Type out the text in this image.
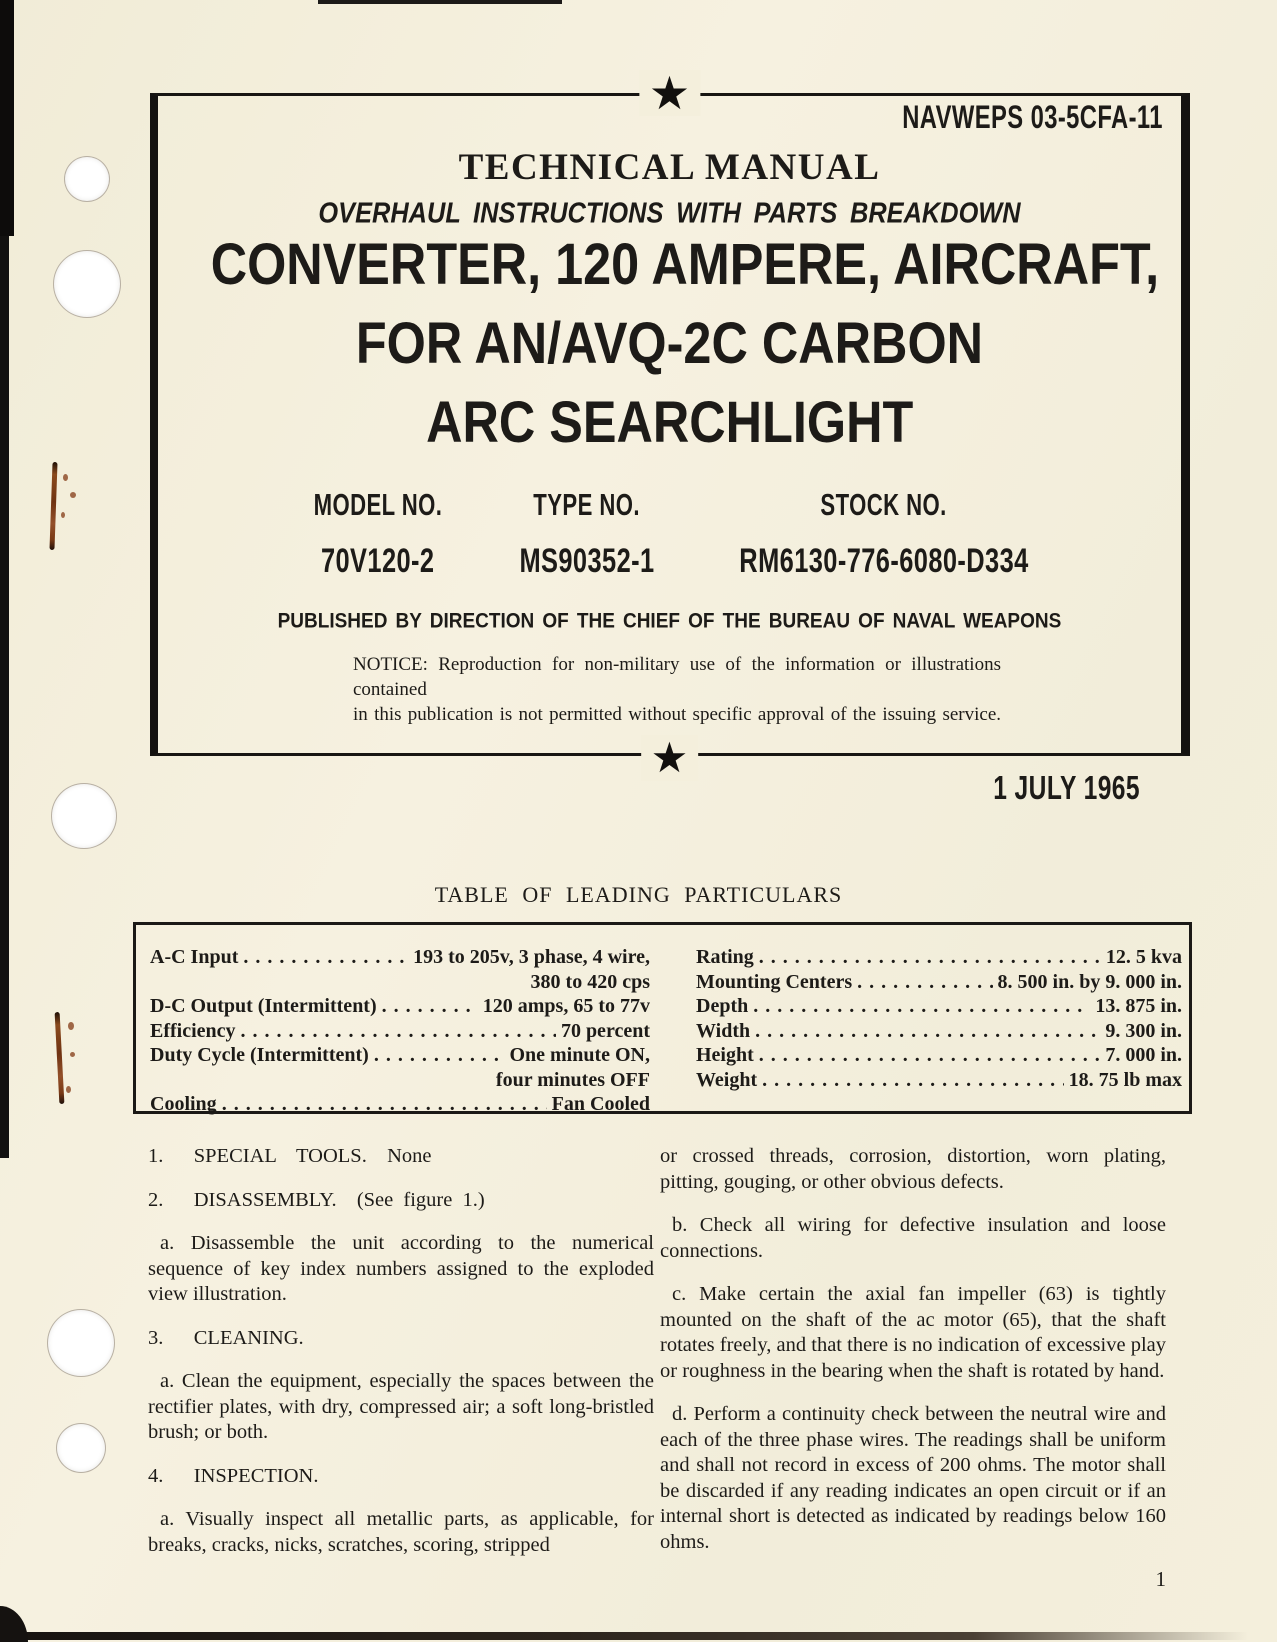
★
★
NAVWEPS 03-5CFA-11
TECHNICAL MANUAL
OVERHAUL INSTRUCTIONS WITH PARTS BREAKDOWN
CONVERTER, 120 AMPERE, AIRCRAFT,
FOR AN/AVQ-2C CARBON
ARC SEARCHLIGHT
MODEL NO.
70V120-2
TYPE NO.
MS90352-1
STOCK NO.
RM6130-776-6080-D334
PUBLISHED BY DIRECTION OF THE CHIEF OF THE BUREAU OF NAVAL WEAPONS
NOTICE: Reproduction for non-military use of the information or illustrations contained
in this publication is not permitted without specific approval of the issuing service.
1 JULY 1965
TABLE OF LEADING PARTICULARS
A-C Input . . .	193 to 205v, 3 phase, 4 wire,
380 to 420 cps
D-C Output (Intermittent) . . .	120 amps, 65 to 77v
Efficiency . . .	70 percent
Duty Cycle (Intermittent) . . .	One minute ON,
four minutes OFF
Cooling . . .	Fan Cooled
Rating . . .	12. 5 kva
Mounting Centers . . .	8. 500 in. by 9. 000 in.
Depth . . .	13. 875 in.
Width . . .	9. 300 in.
Height . . .	7. 000 in.
Weight . . .	18. 75 lb max
1.   SPECIAL  TOOLS.  None
2.   DISASSEMBLY.  (See figure 1.)
a. Disassemble the unit according to the numerical sequence of key index numbers assigned to the exploded view illustration.
3.   CLEANING.
a. Clean the equipment, especially the spaces between the rectifier plates, with dry, compressed air; a soft long-bristled brush; or both.
4.   INSPECTION.
a. Visually inspect all metallic parts, as applicable, for breaks, cracks, nicks, scratches, scoring, stripped
or crossed threads, corrosion, distortion, worn plating, pitting, gouging, or other obvious defects.
b. Check all wiring for defective insulation and loose connections.
c. Make certain the axial fan impeller (63) is tightly mounted on the shaft of the ac motor (65), that the shaft rotates freely, and that there is no indication of excessive play or roughness in the bearing when the shaft is rotated by hand.
d. Perform a continuity check between the neutral wire and each of the three phase wires. The readings shall be uniform and shall not record in excess of 200 ohms. The motor shall be discarded if any reading indicates an open circuit or if an internal short is detected as indicated by readings below 160 ohms.
1
